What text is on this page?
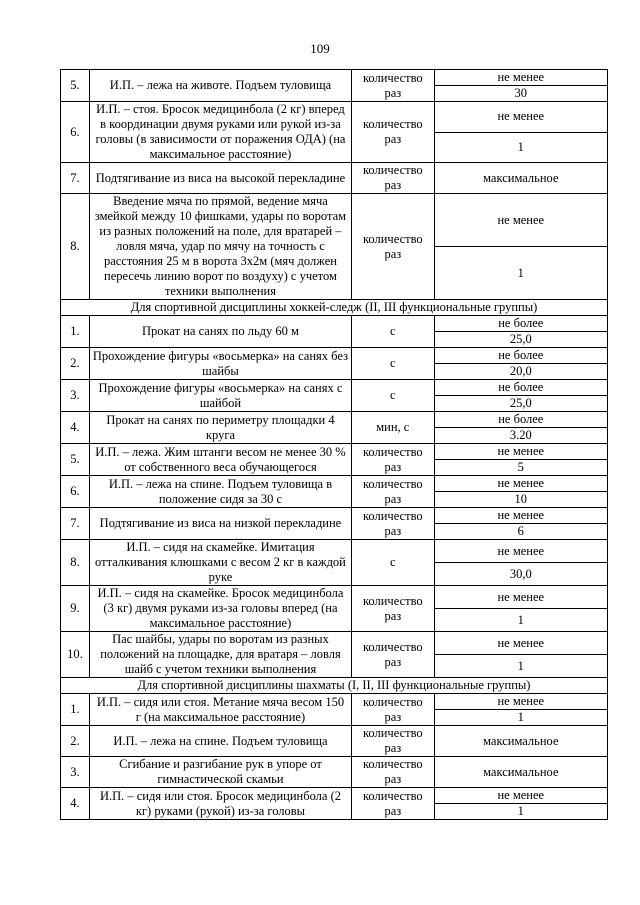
109
5.	И.П. – лежа на животе. Подъем туловища	количество раз	не менее
			30
6.	И.П. – стоя. Бросок медицинбола (2 кг) вперед в координации двумя руками или рукой из-за головы (в зависимости от поражения ОДА) (на максимальное расстояние)	количество раз	не менее
			1
7.	Подтягивание из виса на высокой перекладине	количество раз	максимальное
8.	Введение мяча по прямой, ведение мяча змейкой между 10 фишками, удары по воротам из разных положений на поле, для вратарей – ловля мяча, удар по мячу на точность с расстояния 25 м в ворота 3х2м (мяч должен пересечь линию ворот по воздуху) с учетом техники выполнения	количество раз	не менее
			1
Для спортивной дисциплины хоккей-следж (II, III функциональные группы)			
1.	Прокат на санях по льду 60 м	с	не более
			25,0
2.	Прохождение фигуры «восьмерка» на санях без шайбы	с	не более
			20,0
3.	Прохождение фигуры «восьмерка» на санях с шайбой	с	не более
			25,0
4.	Прокат на санях по периметру площадки 4 круга	мин, с	не более
			3.20
5.	И.П. – лежа. Жим штанги весом не менее 30 % от собственного веса обучающегося	количество раз	не менее
			5
6.	И.П. – лежа на спине. Подъем туловища в положение сидя за 30 с	количество раз	не менее
			10
7.	Подтягивание из виса на низкой перекладине	количество раз	не менее
			6
8.	И.П. – сидя на скамейке. Имитация отталкивания клюшками с весом 2 кг в каждой руке	с	не менее
			30,0
9.	И.П. – сидя на скамейке. Бросок медицинбола (3 кг) двумя руками из-за головы вперед (на максимальное расстояние)	количество раз	не менее
			1
10.	Пас шайбы, удары по воротам из разных положений на площадке, для вратаря – ловля шайб с учетом техники выполнения	количество раз	не менее
			1
Для спортивной дисциплины шахматы (I, II, III функциональные группы)			
1.	И.П. – сидя или стоя. Метание мяча весом 150 г (на максимальное расстояние)	количество раз	не менее
			1
2.	И.П. – лежа на спине. Подъем туловища	количество раз	максимальное
3.	Сгибание и разгибание рук в упоре от гимнастической скамьи	количество раз	максимальное
4.	И.П. – сидя или стоя. Бросок медицинбола (2 кг) руками (рукой) из-за головы	количество раз	не менее
			1
